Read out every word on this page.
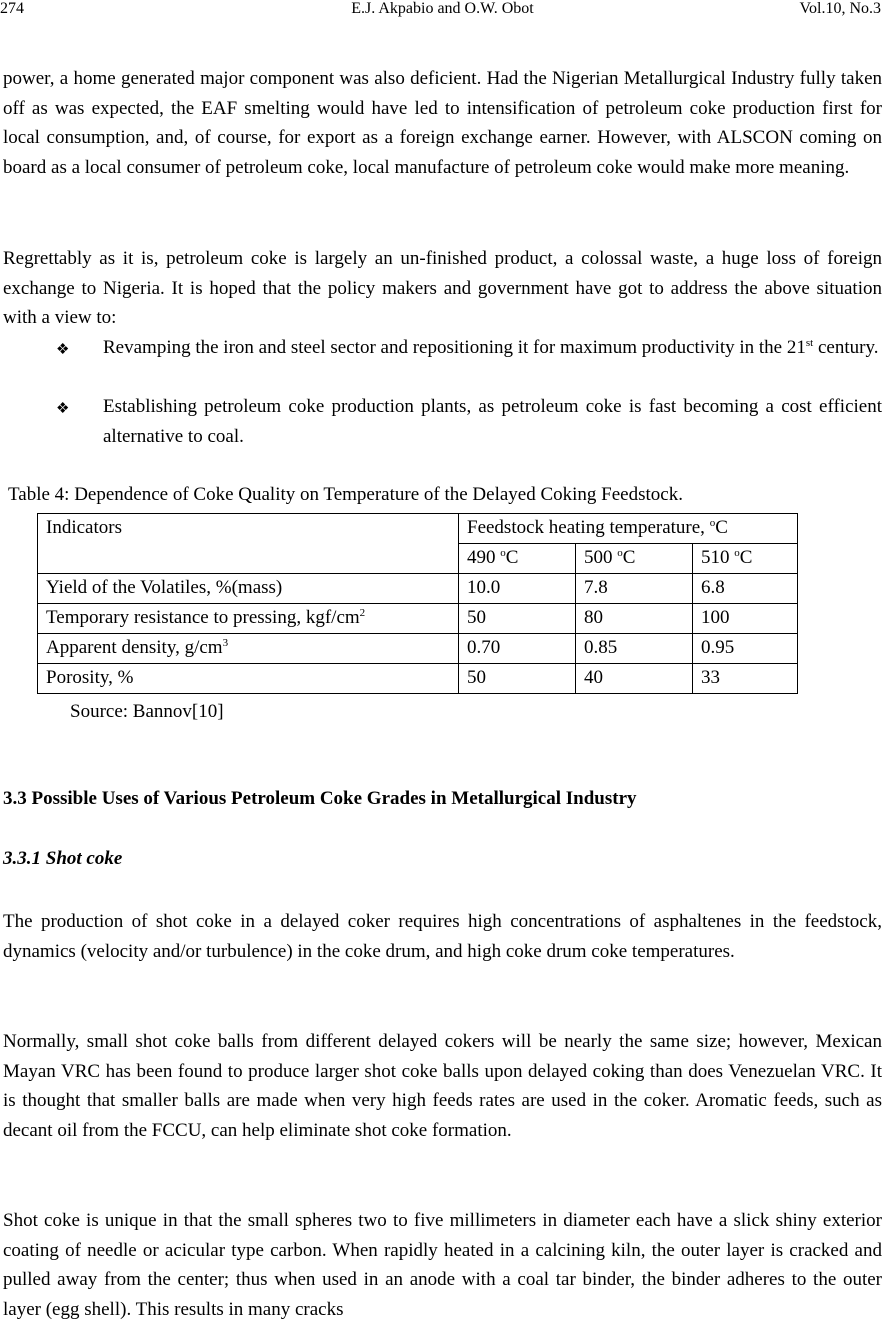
274	E.J. Akpabio and O.W. Obot	Vol.10, No.3

power, a home generated major component was also deficient. Had the Nigerian Metallurgical Industry fully taken off as was expected, the EAF smelting would have led to intensification of petroleum coke production first for local consumption, and, of course, for export as a foreign exchange earner. However, with ALSCON coming on board as a local consumer of petroleum coke, local manufacture of petroleum coke would make more meaning.

Regrettably as it is, petroleum coke is largely an un-finished product, a colossal waste, a huge loss of foreign exchange to Nigeria. It is hoped that the policy makers and government have got to address the above situation with a view to:

❖ Revamping the iron and steel sector and repositioning it for maximum productivity in the 21st century.
❖ Establishing petroleum coke production plants, as petroleum coke is fast becoming a cost efficient alternative to coal.
Table 4: Dependence of Coke Quality on Temperature of the Delayed Coking Feedstock.
Indicators	Feedstock heating temperature, $^o$C		
	490 $^o$C	500 $^o$C	510 $^o$C
Yield of the Volatiles, %(mass)	10.0	7.8	6.8
Temporary resistance to pressing, kgf/$cm^2$	50	80	100
Apparent density, $g/cm^3$	0.70	0.85	0.95
Porosity, %	50	40	33
Source: Bannov[10]
3.3 Possible Uses of Various Petroleum Coke Grades in Metallurgical Industry
3.3.1 Shot coke

The production of shot coke in a delayed coker requires high concentrations of asphaltenes in the feedstock, dynamics (velocity and/or turbulence) in the coke drum, and high coke drum coke temperatures.

Normally, small shot coke balls from different delayed cokers will be nearly the same size; however, Mexican Mayan VRC has been found to produce larger shot coke balls upon delayed coking than does Venezuelan VRC. It is thought that smaller balls are made when very high feeds rates are used in the coker. Aromatic feeds, such as decant oil from the FCCU, can help eliminate shot coke formation.

Shot coke is unique in that the small spheres two to five millimeters in diameter each have a slick shiny exterior coating of needle or acicular type carbon. When rapidly heated in a calcining kiln, the outer layer is cracked and pulled away from the center; thus when used in an anode with a coal tar binder, the binder adheres to the outer layer (egg shell). This results in many cracks
